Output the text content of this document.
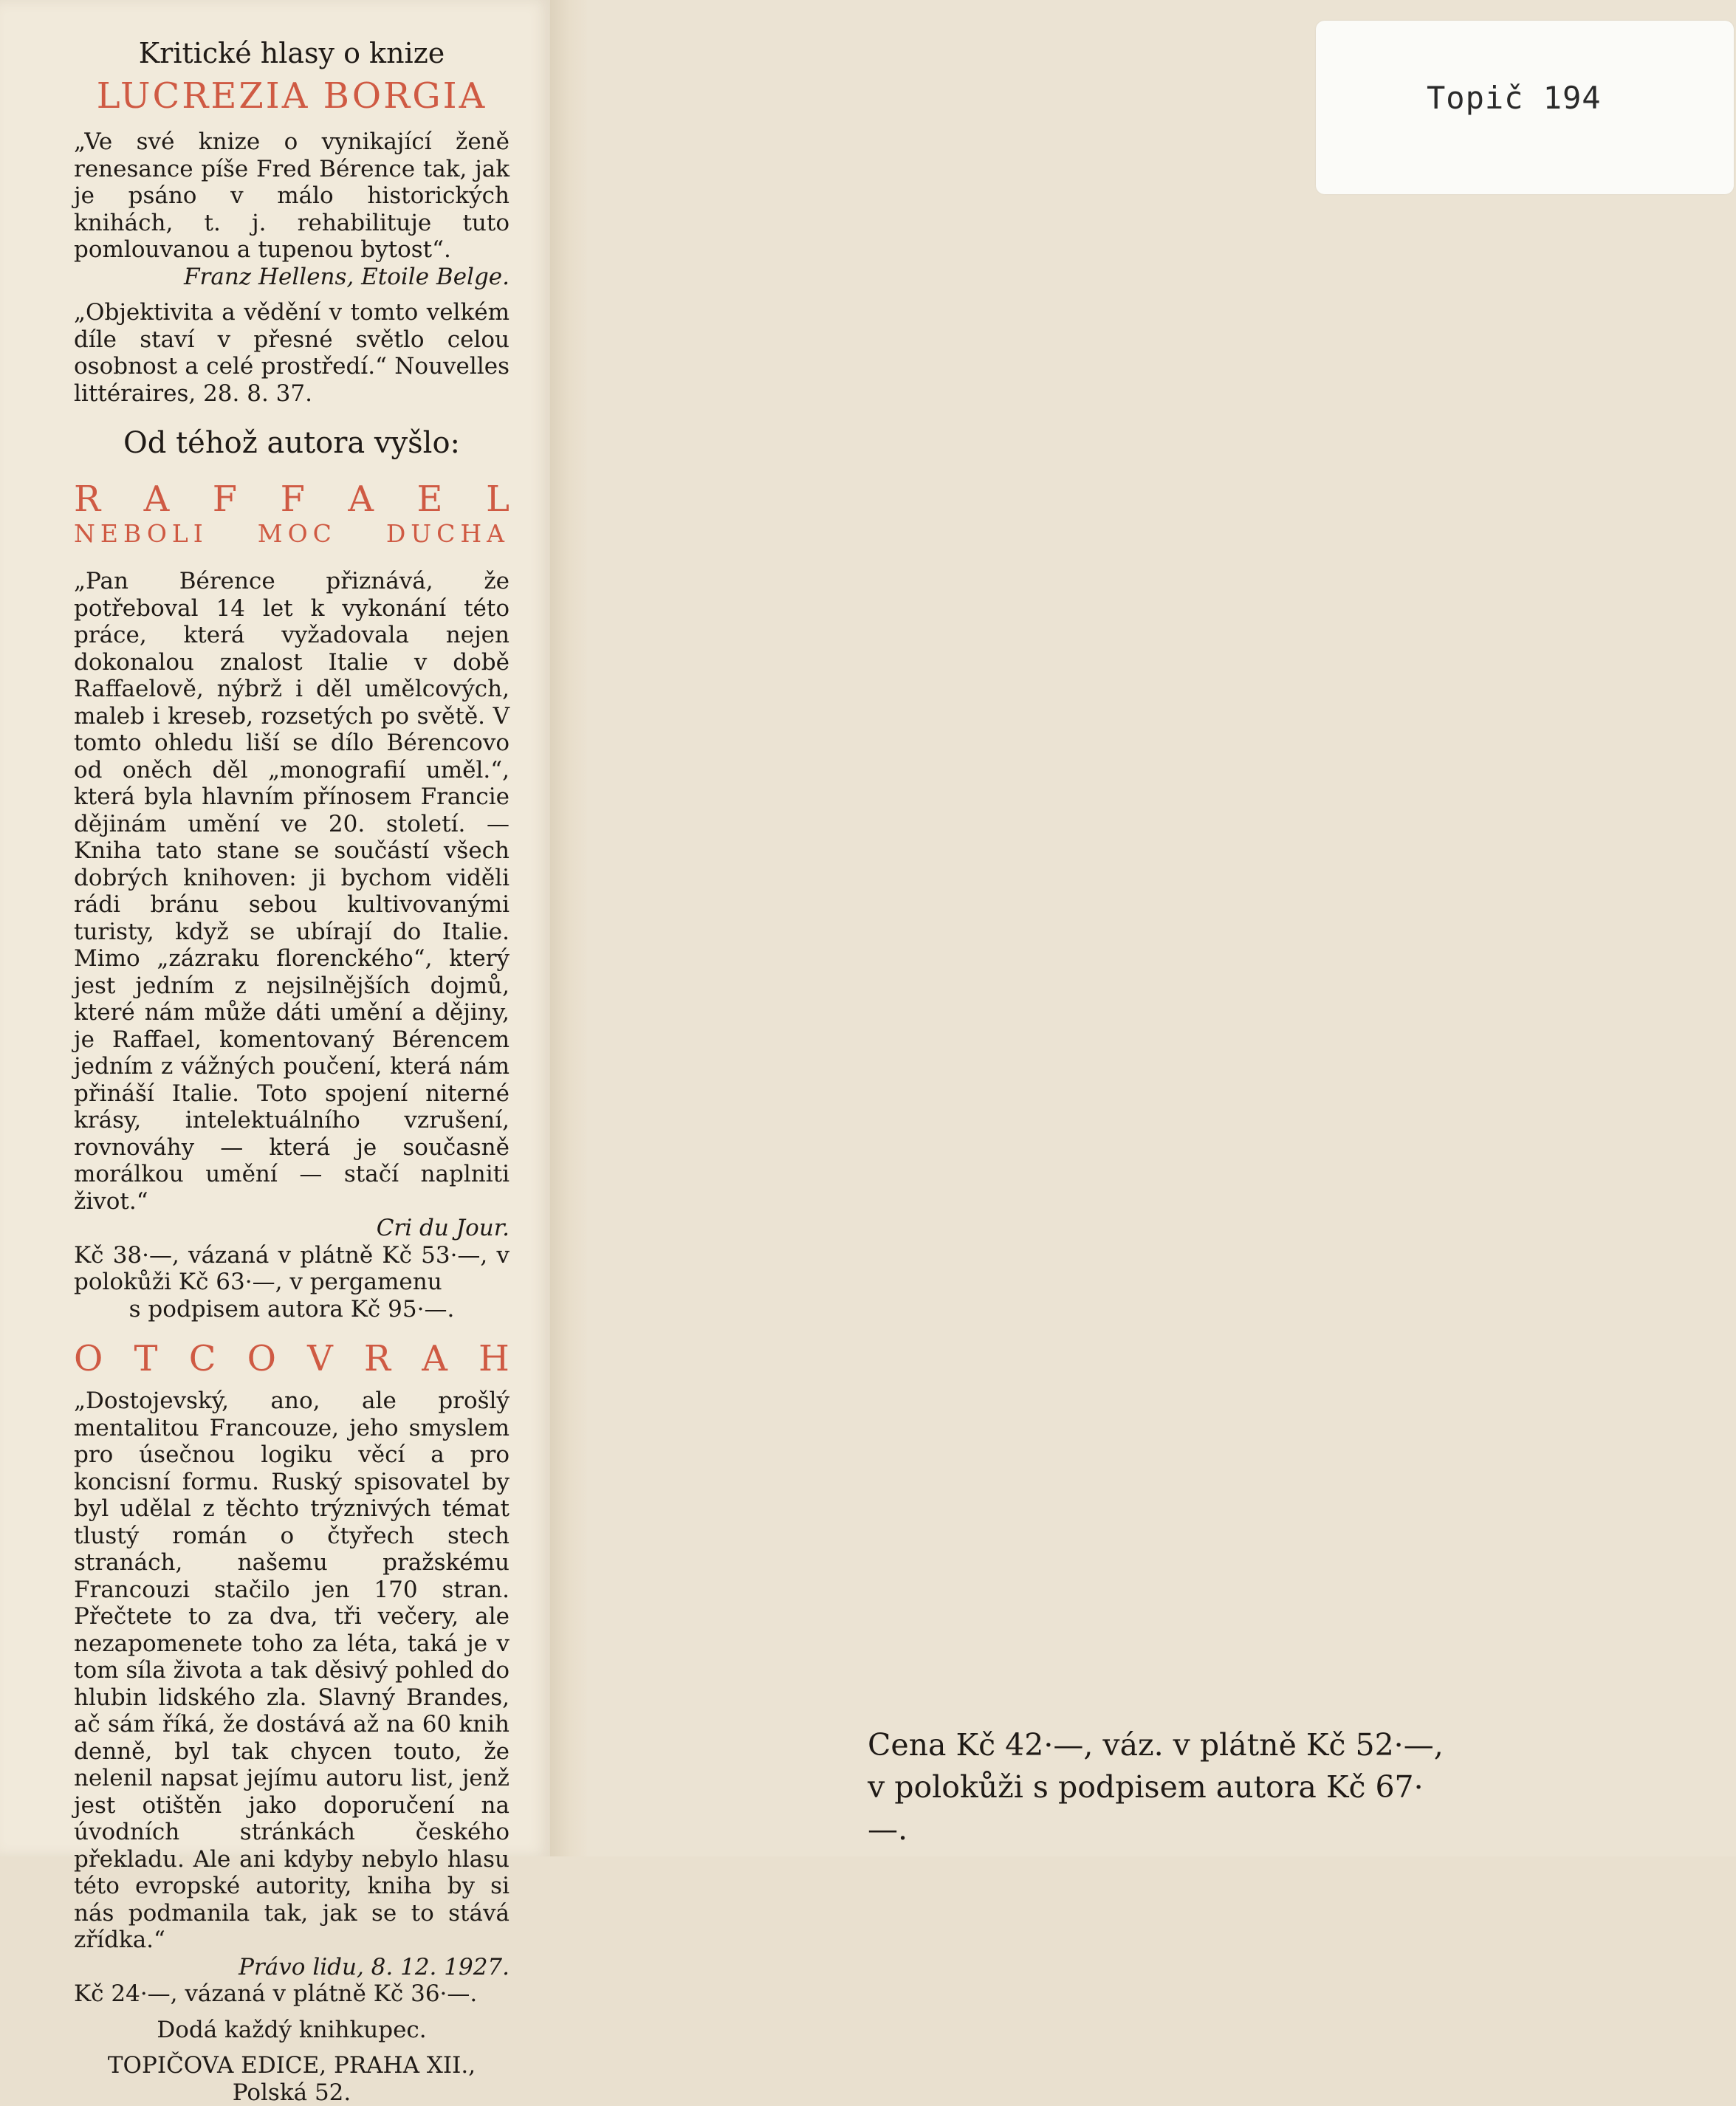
Kritické hlasy o knize
LUCREZIA BORGIA

„Ve své knize o vynikající ženě renesance píše Fred Bérence tak, jak je psáno v málo historických knihách, t. j. rehabilituje tuto pomlouvanou a tupenou bytost“.

Franz Hellens, Etoile Belge.

„Objektivita a vědění v tomto velkém díle staví v přesné světlo celou osobnost a celé prostředí.“ Nouvelles littéraires, 28. 8. 37.

Od téhož autora vyšlo:
R A F F A E L
NEBOLI MOC DUCHA

„Pan Bérence přiznává, že potřeboval 14 let k vykonání této práce, která vyžadovala nejen dokonalou znalost Italie v době Raffaelově, nýbrž i děl umělcových, maleb i kreseb, rozsetých po světě. V tomto ohledu liší se dílo Bérencovo od oněch děl „monografií uměl.“, která byla hlavním přínosem Francie dějinám umění ve 20. století. — Kniha tato stane se součástí všech dobrých knihoven: ji bychom viděli rádi bránu sebou kultivovanými turisty, když se ubírají do Italie. Mimo „zázraku florenckého“, který jest jedním z nejsilnějších dojmů, které nám může dáti umění a dějiny, je Raffael, komentovaný Bérencem jedním z vážných poučení, která nám přináší Italie. Toto spojení niterné krásy, intelektuálního vzrušení, rovnováhy — která je současně morálkou umění — stačí naplniti život.“

Cri du Jour.

Kč 38·—, vázaná v plátně Kč 53·—, v polokůži Kč 63·—, v pergamenu

s podpisem autora Kč 95·—.
O T C O V R A H

„Dostojevský, ano, ale prošlý mentalitou Francouze, jeho smyslem pro úsečnou logiku věcí a pro koncisní formu. Ruský spisovatel by byl udělal z těchto trýznivých témat tlustý román o čtyřech stech stranách, našemu pražskému Francouzi stačilo jen 170 stran. Přečtete to za dva, tři večery, ale nezapomenete toho za léta, taká je v tom síla života a tak děsivý pohled do hlubin lidského zla. Slavný Brandes, ač sám říká, že dostává až na 60 knih denně, byl tak chycen touto, že nelenil napsat jejímu autoru list, jenž jest otištěn jako doporučení na úvodních stránkách českého překladu. Ale ani kdyby nebylo hlasu této evropské autority, kniha by si nás podmanila tak, jak se to stává zřídka.“

Právo lidu, 8. 12. 1927.

Kč 24·—, vázaná v plátně Kč 36·—.

Dodá každý knihkupec.
TOPIČOVA EDICE, PRAHA XII.,
Polská 52.
Topič 194
Cena Kč 42·—, váz. v plátně Kč 52·—,
v polokůži s podpisem autora Kč 67·—.
